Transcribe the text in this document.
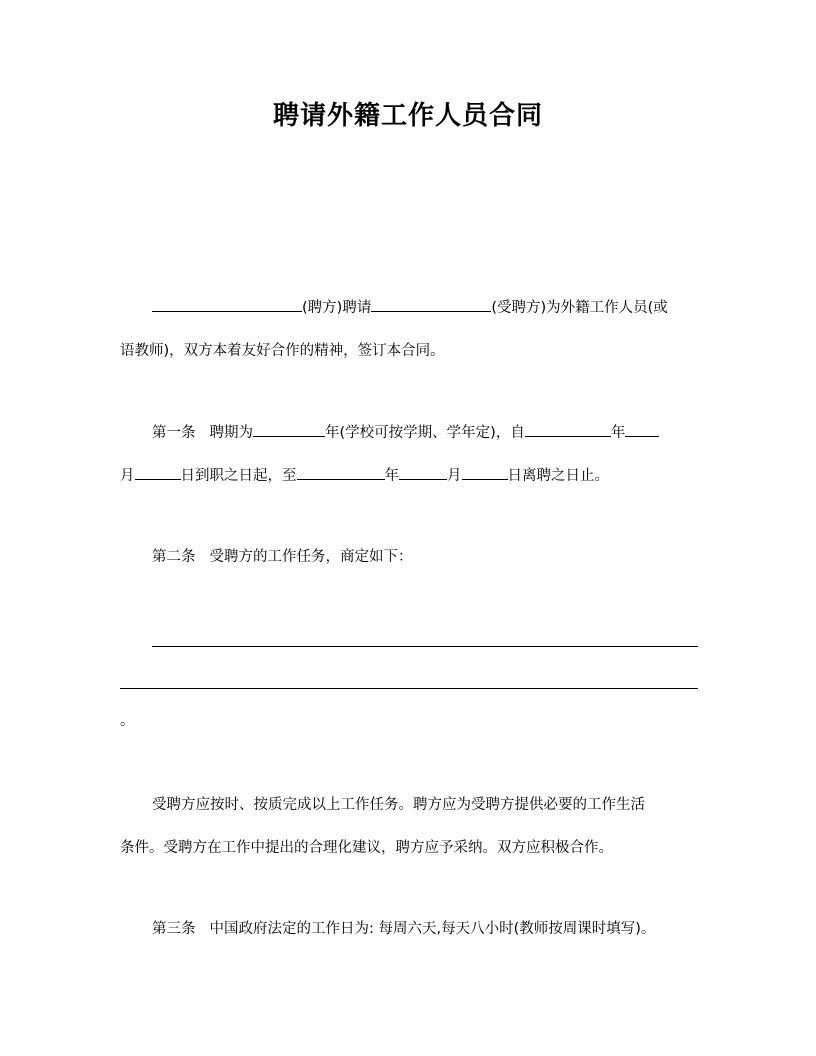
聘请外籍工作人员合同
(聘方)聘请	(受聘方)为外籍工作人员(或
语教师)，双方本着友好合作的精神，签订本合同。
第一条 聘期为	年(学校可按学期、学年定)，自	年
月	日到职之日起，至	年	月	日离聘之日止。
第二条 受聘方的工作任务，商定如下：
。
受聘方应按时、按质完成以上工作任务。聘方应为受聘方提供必要的工作生活
条件。受聘方在工作中提出的合理化建议，聘方应予采纳。双方应积极合作。
第三条 中国政府法定的工作日为: 每周六天,每天八小时(教师按周课时填写)。
